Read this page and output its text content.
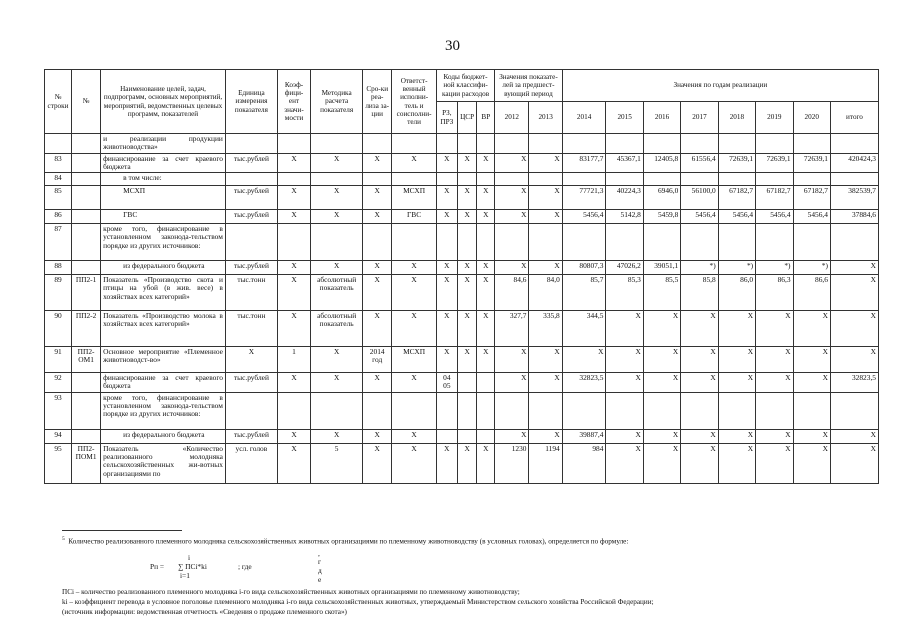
30
№
строки	№	Наименование целей, задач, подпрограмм, основных мероприятий, мероприятий, ведомственных целевых программ, показателей	Единица измерения показателя	Коэф-фици-ент значи-мости	Методика расчета показателя	Сро-ки реа-лиза за-ции	Ответст-венный исполни-тель и соисполни-тели	Коды бюджет-ной классифи-кации расходов			Значения показате-лей за предшест-вующий период		Значения по годам реализации							
								РЗ, ПРЗ	ЦСР	ВР	2012	2013	2014	2015	2016	2017	2018	2019	2020	итого
		и реализации продукции животноводства»																		
83		финансирование за счет краевого бюджета	тыс.рублей	X	X	X	X	X	X	X	X	X	83177,7	45367,1	12405,8	61556,4	72639,1	72639,1	72639,1	420424,3
84		в том числе:																		
85		МСХП	тыс.рублей	X	X	X	МСХП	X	X	X	X	X	77721,3	40224,3	6946,0	56100,0	67182,7	67182,7	67182,7	382539,7
86		ГВС	тыс.рублей	X	X	X	ГВС	X	X	X	X	X	5456,4	5142,8	5459,8	5456,4	5456,4	5456,4	5456,4	37884,6
87		кроме того, финансирование в установленном законода-тельством порядке из других источников:																		
88		из федерального бюджета	тыс.рублей	X	X	X	X	X	X	X	X	X	80807,3	47026,2	39051,1	*)	*)	*)	*)	X
89	ПП2-1	Показатель «Производство скота и птицы на убой (в жив. весе) в хозяйствах всех категорий»	тыс.тонн	X	абсолютный показатель	X	X	X	X	X	84,6	84,0	85,7	85,3	85,5	85,8	86,0	86,3	86,6	X
90	ПП2-2	Показатель «Производство молока в хозяйствах всех категорий»	тыс.тонн	X	абсолютный показатель	X	X	X	X	X	327,7	335,8	344,5	X	X	X	X	X	X	X
91	ПП2-ОМ1	Основное мероприятие «Племенное животноводст-во»	X	1	X	2014 год	МСХП	X	X	X	X	X	X	X	X	X	X	X	X	X
92		финансирование за счет краевого бюджета	тыс.рублей	X	X	X	X	04 05			X	X	32823,5	X	X	X	X	X	X	32823,5
93		кроме того, финансирование в установленном законода-тельством порядке из других источников:																		
94		из федерального бюджета	тыс.рублей	X	X	X	X				X	X	39887,4	X	X	X	X	X	X	X
95	ПП2-ПОМ1	Показатель «Количество реализованного молодняка сельскохозяйственных жи-вотных организациями по	усл. голов	X	5	X	X	X	X	X	1230	1194	984	X	X	X	X	X	X	X
$^5$ Количество реализованного племенного молодняка сельскохозяйственных животных организациями по племенному животноводству (в условных головах), определяется по формуле:
Рп =
i
∑ ПСi*ki
i=1
; где
,
г
д
е
ПСi – количество реализованного племенного молодняка i-го вида сельскохозяйственных животных организациями по племенному животноводству;
ki – коэффициент перевода в условное поголовье племенного молодняка i-го вида сельскохозяйственных животных, утверждаемый Министерством сельского хозяйства Российской Федерации;
(источник информации: ведомственная отчетность «Сведения о продаже племенного скота»)
